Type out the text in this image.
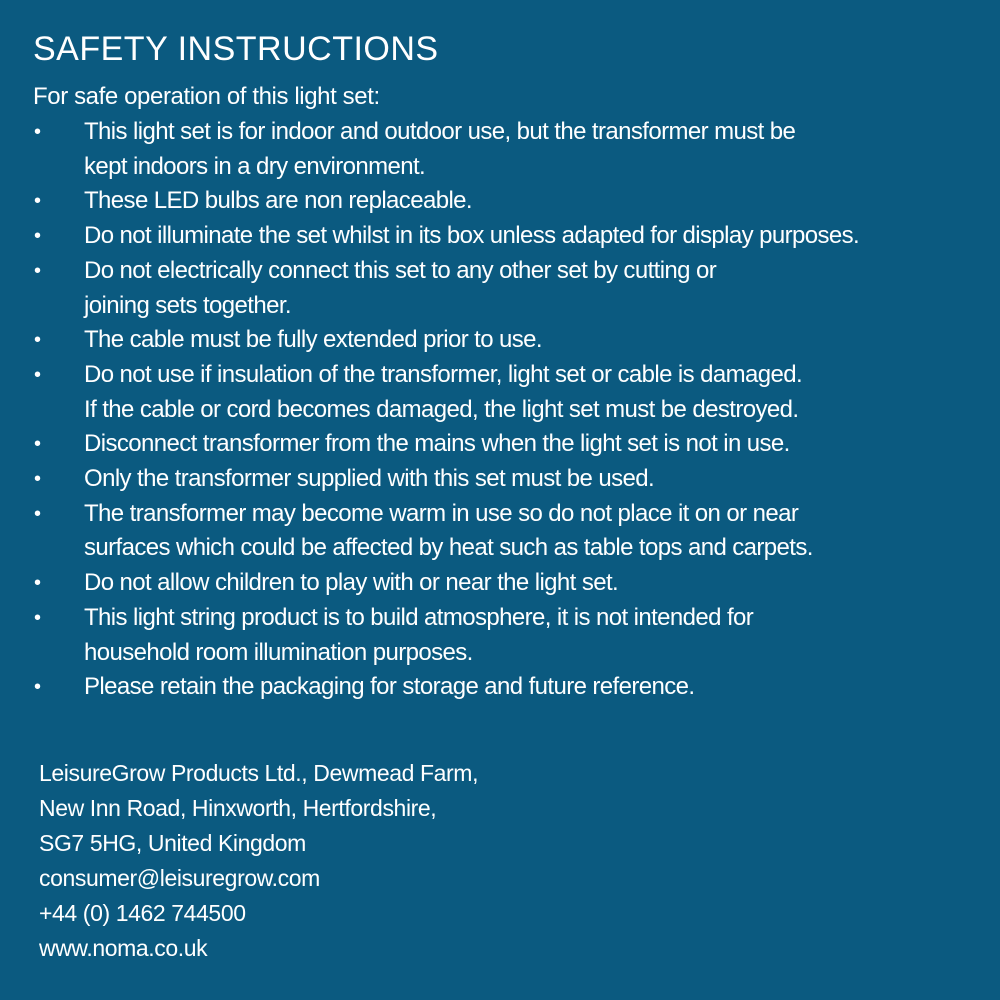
SAFETY INSTRUCTIONS
For safe operation of this light set:
• This light set is for indoor and outdoor use, but the transformer must be
kept indoors in a dry environment.
• These LED bulbs are non replaceable.
• Do not illuminate the set whilst in its box unless adapted for display purposes.
• Do not electrically connect this set to any other set by cutting or
joining sets together.
• The cable must be fully extended prior to use.
• Do not use if insulation of the transformer, light set or cable is damaged.
If the cable or cord becomes damaged, the light set must be destroyed.
• Disconnect transformer from the mains when the light set is not in use.
• Only the transformer supplied with this set must be used.
• The transformer may become warm in use so do not place it on or near
surfaces which could be affected by heat such as table tops and carpets.
• Do not allow children to play with or near the light set.
• This light string product is to build atmosphere, it is not intended for
household room illumination purposes.
• Please retain the packaging for storage and future reference.
LeisureGrow Products Ltd., Dewmead Farm,
New Inn Road, Hinxworth, Hertfordshire,
SG7 5HG, United Kingdom
consumer@leisuregrow.com
+44 (0) 1462 744500
www.noma.co.uk
